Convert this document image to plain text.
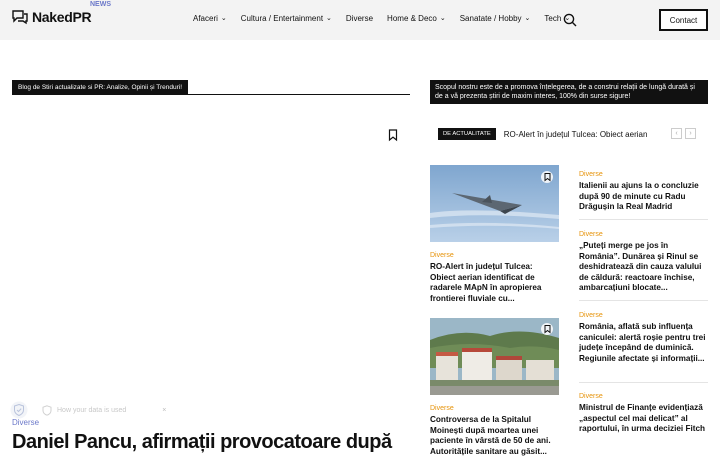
NakedPR
NEWS
Afaceri ⌄ Cultura / Entertainment ⌄ Diverse Home & Deco ⌄ Sanatate / Hobby ⌄ Tech ⌄	Contact
Blog de Stiri actualizate si PR: Analize, Opinii și Trenduri!	Scopul nostru este de a promova înțelegerea, de a construi relații de lungă durată și de a vă prezenta știri de maxim interes, 100% din surse sigure!
DE ACTUALITATE	RO-Alert în județul Tulcea: Obiect aerian	‹	›
Diverse
RO-Alert în județul Tulcea: Obiect aerian identificat de radarele MApN în apropierea frontierei fluviale cu...
Diverse
Controversa de la Spitalul Moinești după moartea unei paciente în vârstă de 50 de ani. Autoritățile sanitare au găsit...
Diverse
Italienii au ajuns la o concluzie după 90 de minute cu Radu Drăgușin la Real Madrid
Diverse
„Puteți merge pe jos în România”. Dunărea și Rinul se deshidratează din cauza valului de căldură: reactoare închise, ambarcațiuni blocate...
Diverse
România, aflată sub influența caniculei: alertă roșie pentru trei județe începând de duminică. Regiunile afectate și informații...
Diverse
Ministrul de Finanțe evidențiază „aspectul cel mai delicat” al raportului, în urma deciziei Fitch
How your data is used	×
Diverse
Daniel Pancu, afirmații provocatoare după
